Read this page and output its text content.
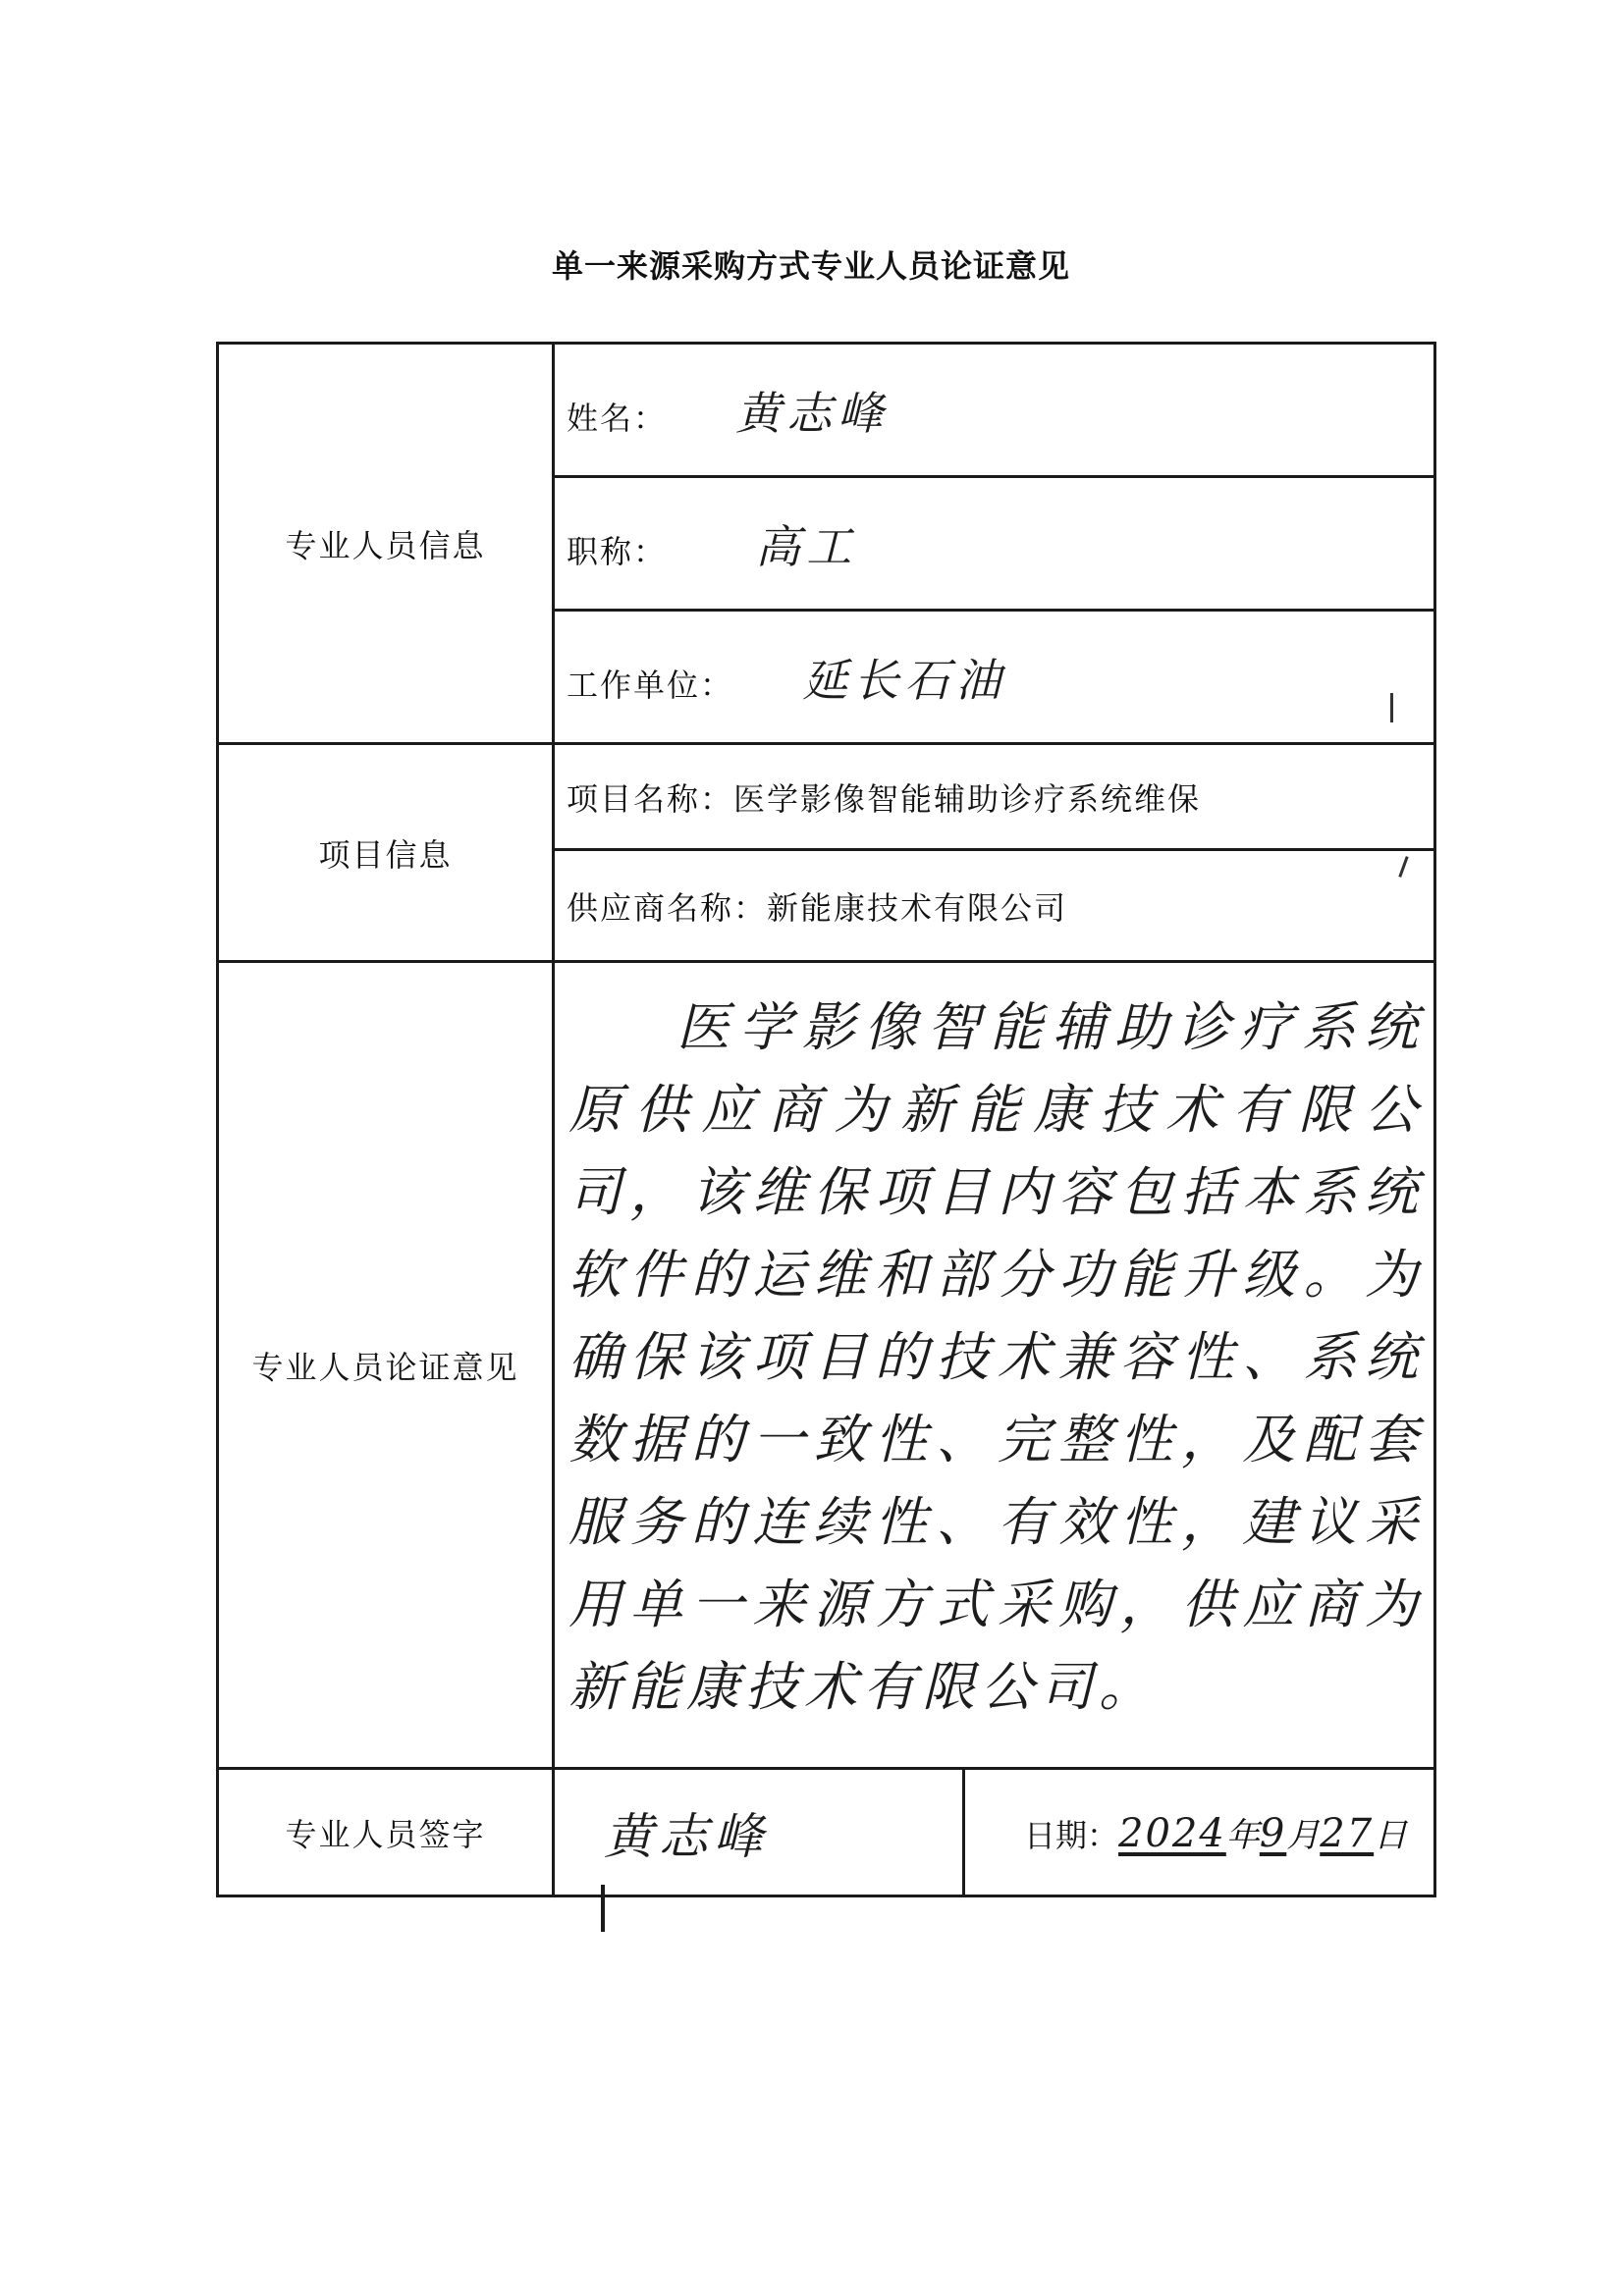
单一来源采购方式专业人员论证意见
专业人员信息	姓名： 黄志峰	
	职称： 高工	
	工作单位： 延长石油	
项目信息	项目名称：医学影像智能辅助诊疗系统维保	
	供应商名称：新能康技术有限公司	
专业人员论证意见	医学影像智能辅助诊疗系统原供应商为新能康技术有限公司，该维保项目内容包括本系统软件的运维和部分功能升级。为确保该项目的技术兼容性、系统数据的一致性、完整性，及配套服务的连续性、有效性，建议采用单一来源方式采购，供应商为新能康技术有限公司。	

专业人员签字	黄志峰	日期：2024年9月27日
